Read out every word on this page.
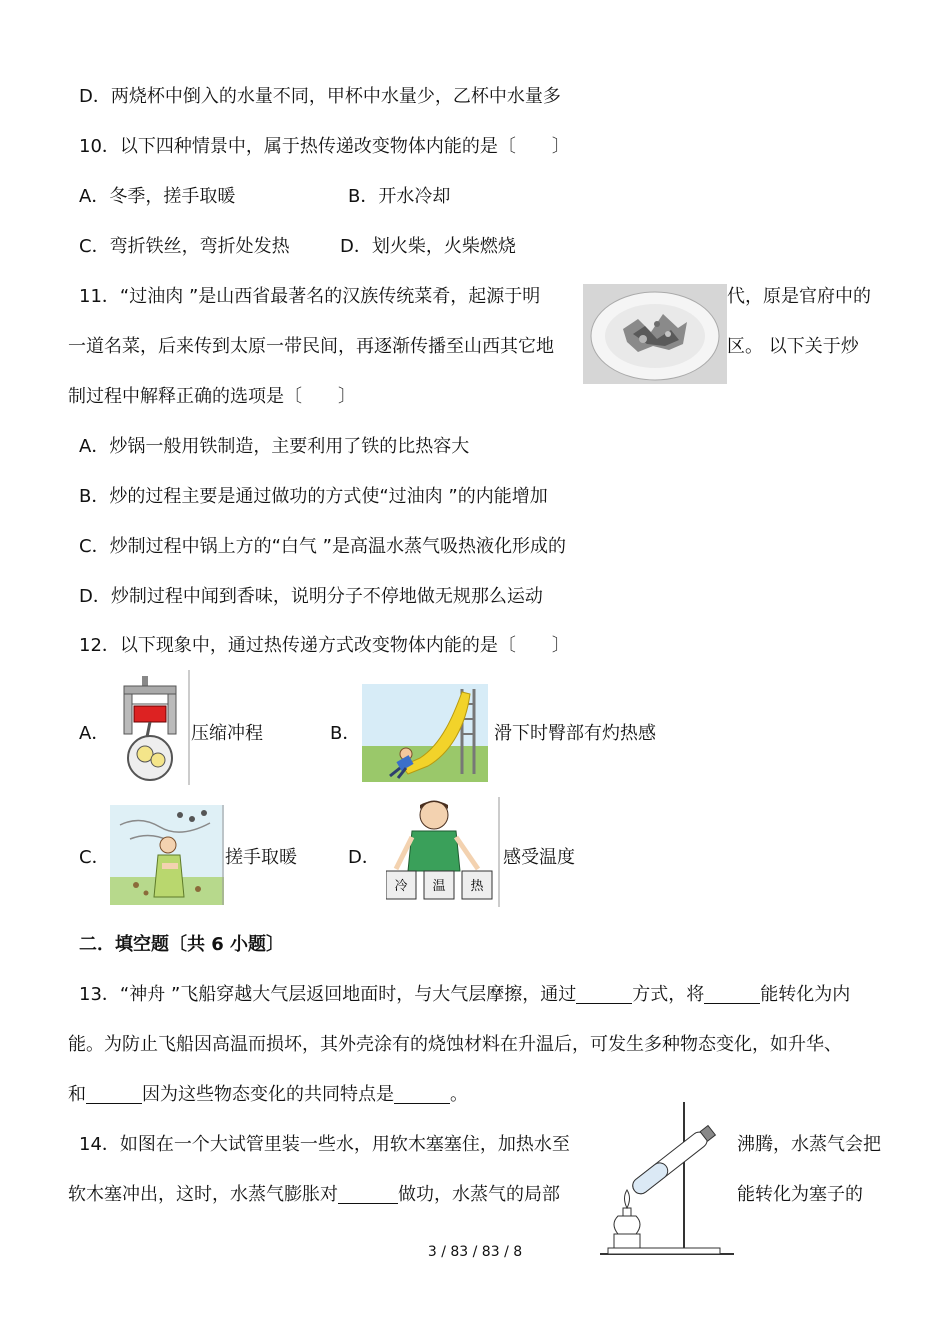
D．两烧杯中倒入的水量不同，甲杯中水量少，乙杯中水量多
10．以下四种情景中，属于热传递改变物体内能的是〔　　〕
A．冬季，搓手取暖	B．开水冷却
C．弯折铁丝，弯折处发热	D．划火柴，火柴燃烧
11．“过油肉 ”是山西省最著名的汉族传统菜肴，起源于明	代，原是官府中的
一道名菜，后来传到太原一带民间，再逐渐传播至山西其它地	区。 以下关于炒
制过程中解释正确的选项是〔　　〕
A．炒锅一般用铁制造，主要利用了铁的比热容大
B．炒的过程主要是通过做功的方式使“过油肉 ”的内能增加
C．炒制过程中锅上方的“白气 ”是高温水蒸气吸热液化形成的
D．炒制过程中闻到香味，说明分子不停地做无规那么运动
12．以下现象中，通过热传递方式改变物体内能的是〔　　〕
A．	压缩冲程	B．	滑下时臀部有灼热感
C．	搓手取暖	D．
冷 温 热
感受温度
二．填空题〔共 6 小题〕
13．“神舟 ”飞船穿越大气层返回地面时，与大气层摩擦，通过	方式，将	能转化为内
能。为防止飞船因高温而损坏，其外壳涂有的烧蚀材料在升温后，可发生多种物态变化，如升华、
和	因为这些物态变化的共同特点是	。
14．如图在一个大试管里装一些水，用软木塞塞住，加热水至	沸腾，水蒸气会把
软木塞冲出，这时，水蒸气膨胀对	做功，水蒸气的局部	能转化为塞子的
3 / 83 / 83 / 8
